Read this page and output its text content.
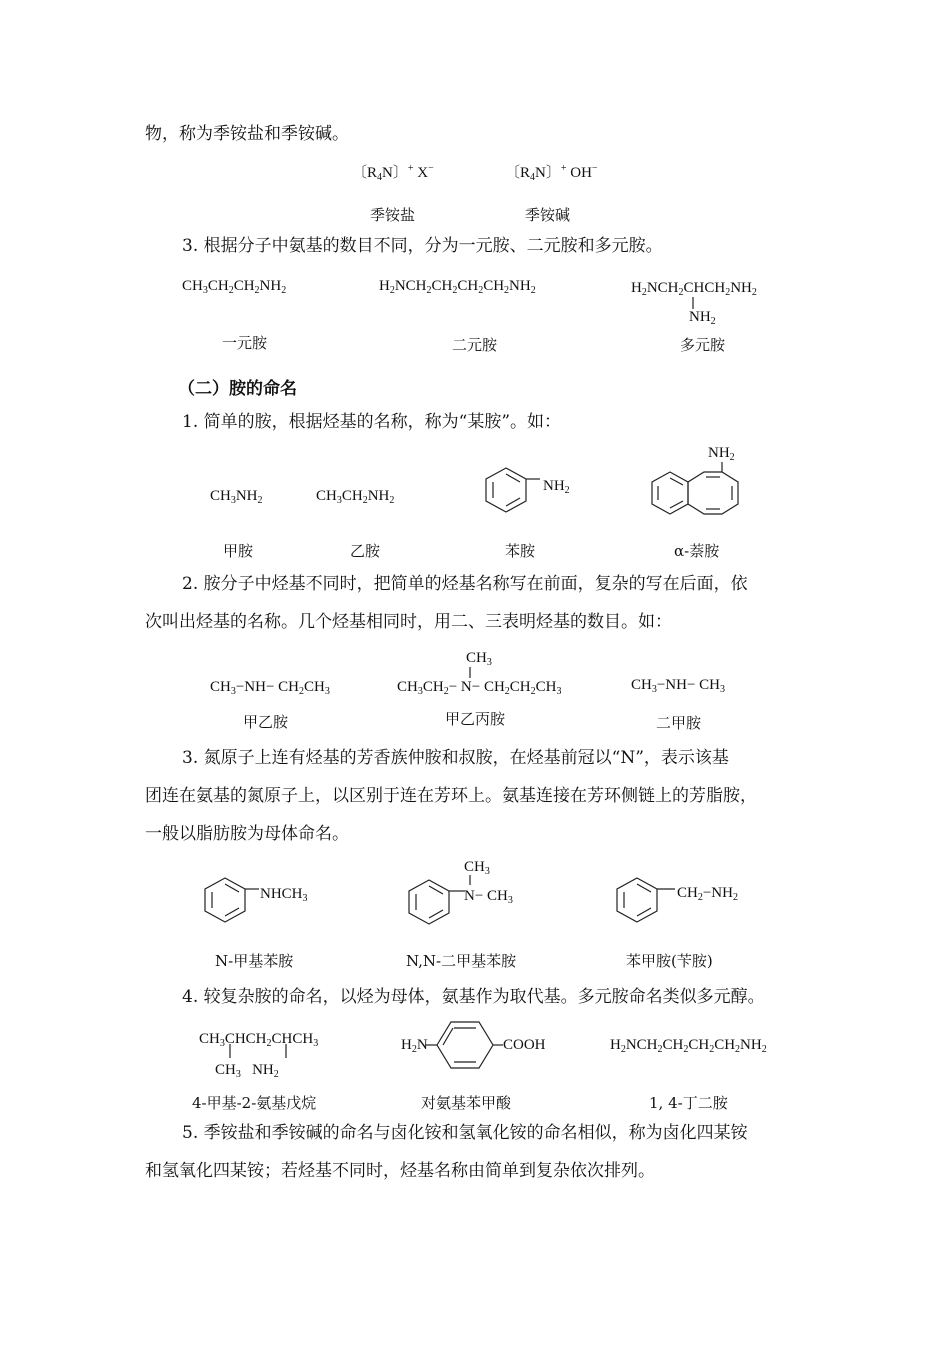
物，称为季铵盐和季铵碱。
〔$R_4N$〕+ X−	〔$R_4N$〕+ OH−
季铵盐	季铵碱
3. 根据分子中氨基的数目不同，分为一元胺、二元胺和多元胺。
$CH_3CH_2CH_2NH_2$	$H_2NCH_2CH_2CH_2CH_2NH_2$	$H_2NCH_2CHCH_2NH_2$
$NH_2$
一元胺	二元胺	多元胺
（二）胺的命名
1. 简单的胺，根据烃基的名称，称为“某胺”。如：
$CH_3NH_2$	$CH_3CH_2NH_2$
$NH_2$
$NH_2$
甲胺	乙胺	苯胺	α-萘胺
2. 胺分子中烃基不同时，把简单的烃基名称写在前面，复杂的写在后面，依
次叫出烃基的名称。几个烃基相同时，用二、三表明烃基的数目。如：
$CH_3$
$CH_3-NH- CH_2CH_3$	$CH_3CH_2- N- CH_2CH_2CH_3$	$CH_3-NH- CH_3$
甲乙胺	甲乙丙胺	二甲胺
3. 氮原子上连有烃基的芳香族仲胺和叔胺，在烃基前冠以“N”，表示该基
团连在氨基的氮原子上，以区别于连在芳环上。氨基连接在芳环侧链上的芳脂胺，
一般以脂肪胺为母体命名。
$NHCH_3$
$CH_3$
$N- CH_3$	$CH_2-NH_2$
N-甲基苯胺	N,N-二甲基苯胺	苯甲胺(苄胺)
4. 较复杂胺的命名，以烃为母体，氨基作为取代基。多元胺命名类似多元醇。
$CH_3CHCH_2CHCH_3$
$CH_3$   $NH_2$
$H_2N$	COOH	$H_2NCH_2CH_2CH_2CH_2NH_2$
4-甲基-2-氨基戊烷	对氨基苯甲酸	1, 4-丁二胺
5. 季铵盐和季铵碱的命名与卤化铵和氢氧化铵的命名相似，称为卤化四某铵
和氢氧化四某铵；若烃基不同时，烃基名称由简单到复杂依次排列。
